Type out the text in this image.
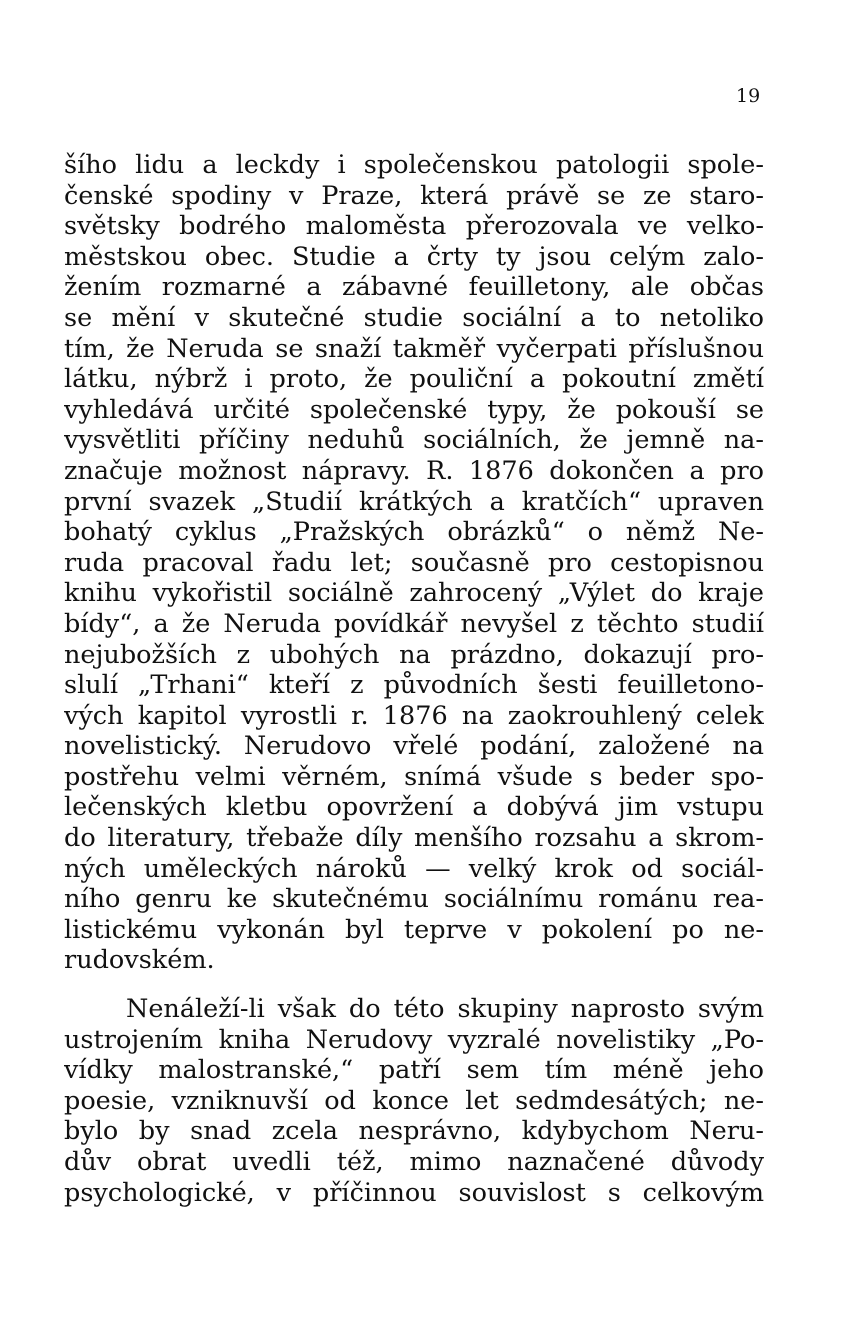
19
šího lidu a leckdy i společenskou patologii spole-
čenské spodiny v Praze, která právě se ze staro-
světsky bodrého maloměsta přerozovala ve velko-
městskou obec. Studie a črty ty jsou celým zalo-
žením rozmarné a zábavné feuilletony, ale občas
se mění v skutečné studie sociální a to netoliko
tím, že Neruda se snaží takměř vyčerpati příslušnou
látku, nýbrž i proto, že pouliční a pokoutní změtí
vyhledává určité společenské typy, že pokouší se
vysvětliti příčiny neduhů sociálních, že jemně na-
značuje možnost nápravy. R. 1876 dokončen a pro
první svazek „Studií krátkých a kratčích“ upraven
bohatý cyklus „Pražských obrázků“ o němž Ne-
ruda pracoval řadu let; současně pro cestopisnou
knihu vykořistil sociálně zahrocený „Výlet do kraje
bídy“, a že Neruda povídkář nevyšel z těchto studií
nejubožších z ubohých na prázdno, dokazují pro-
slulí „Trhani“ kteří z původních šesti feuilletono-
vých kapitol vyrostli r. 1876 na zaokrouhlený celek
novelistický. Nerudovo vřelé podání, založené na
postřehu velmi věrném, snímá všude s beder spo-
lečenských kletbu opovržení a dobývá jim vstupu
do literatury, třebaže díly menšího rozsahu a skrom-
ných uměleckých nároků — velký krok od sociál-
ního genru ke skutečnému sociálnímu románu rea-
listickému vykonán byl teprve v pokolení po ne-
rudovském.
Nenáleží-li však do této skupiny naprosto svým
ustrojením kniha Nerudovy vyzralé novelistiky „Po-
vídky malostranské,“ patří sem tím méně jeho
poesie, vzniknuvší od konce let sedmdesátých; ne-
bylo by snad zcela nesprávno, kdybychom Neru-
dův obrat uvedli též, mimo naznačené důvody
psychologické, v příčinnou souvislost s celkovým
